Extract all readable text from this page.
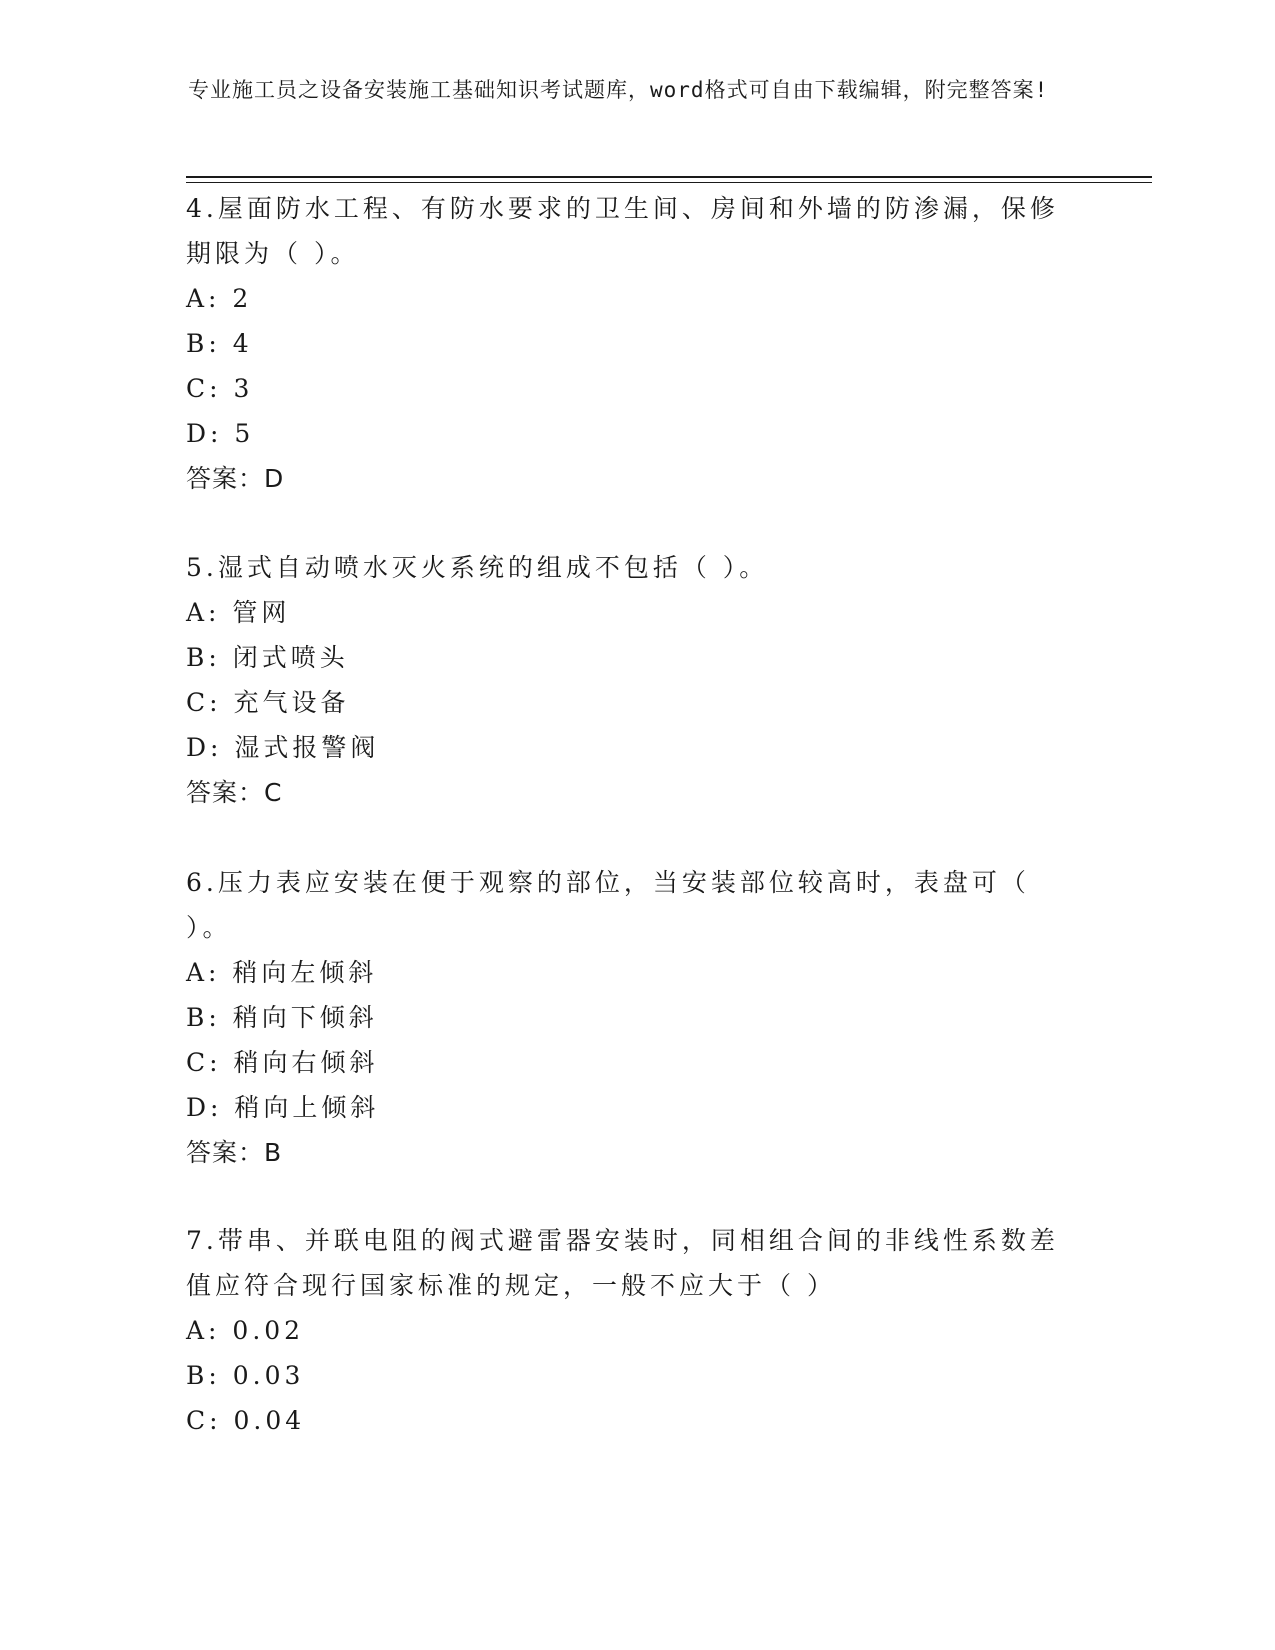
专业施工员之设备安装施工基础知识考试题库，word格式可自由下载编辑，附完整答案!

4.屋面防水工程、有防水要求的卫生间、房间和外墙的防渗漏，保修期限为（ ）。

A: 2

B: 4

C: 3

D: 5

答案：D

5.湿式自动喷水灭火系统的组成不包括（ ）。

A: 管网

B: 闭式喷头

C: 充气设备

D: 湿式报警阀

答案：C

6.压力表应安装在便于观察的部位，当安装部位较高时，表盘可（ ）。

A: 稍向左倾斜

B: 稍向下倾斜

C: 稍向右倾斜

D: 稍向上倾斜

答案：B

7.带串、并联电阻的阀式避雷器安装时，同相组合间的非线性系数差值应符合现行国家标准的规定，一般不应大于（ ）

A: 0.02

B: 0.03

C: 0.04
